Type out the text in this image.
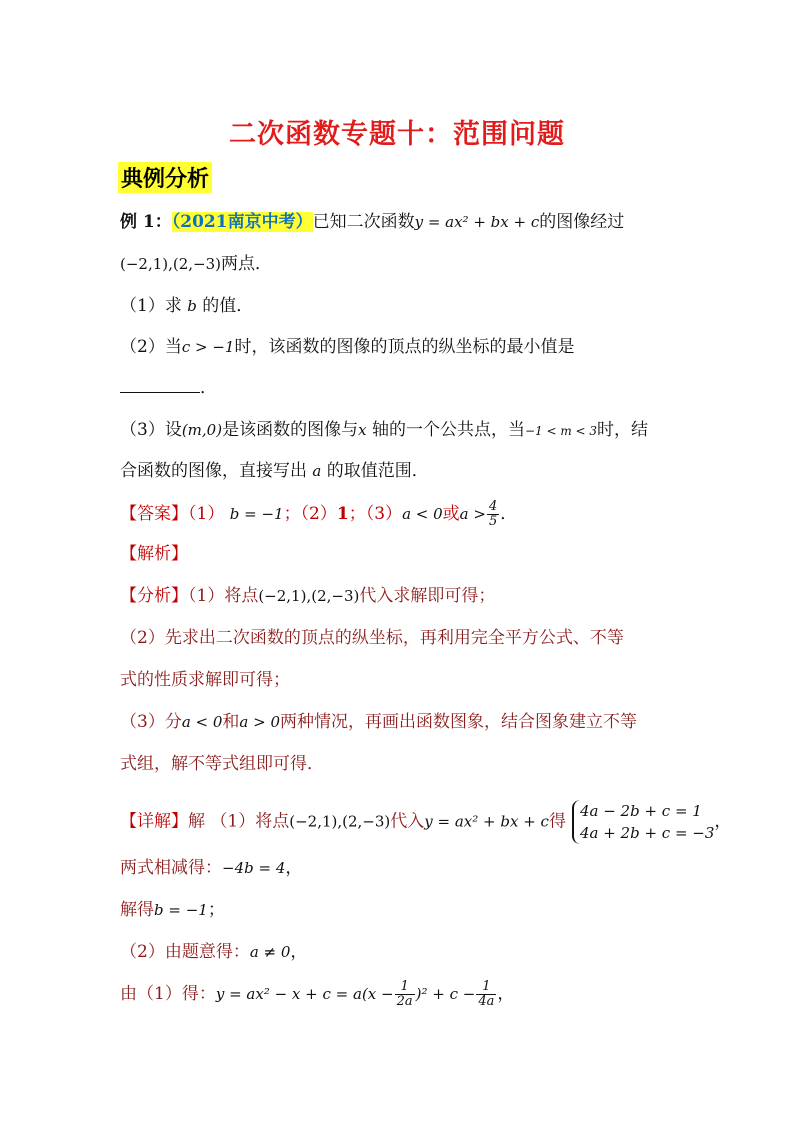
二次函数专题十：范围问题
典例分析
例 1：（2021南京中考）已知二次函数y = ax² + bx + c的图像经过
(−2,1),(2,−3)两点．
（1）求 b 的值．
（2）当c > −1时，该函数的图像的顶点的纵坐标的最小值是
．
（3）设(m,0)是该函数的图像与x 轴的一个公共点，当−1 < m < 3时，结
合函数的图像，直接写出 a 的取值范围．
【答案】（1） b = −1；（2）1；（3）a < 0或$a > \frac{4}{5}$ ．
【解析】
【分析】（1）将点(−2,1),(2,−3)代入求解即可得；
（2）先求出二次函数的顶点的纵坐标，再利用完全平方公式、不等
式的性质求解即可得；
（3）分a < 0和a > 0两种情况，再画出函数图象，结合图象建立不等
式组，解不等式组即可得．
【详解】解 （1）将点(−2,1),(2,−3)代入y = ax² + bx + c得
4a − 2b + c = 1
4a + 2b + c = −3
，
两式相减得：−4b = 4，
解得b = −1；
（2）由题意得：a ≠ 0，
由（1）得：$y = ax^2 - x + c = a(x - \frac{1}{2a} )^2 + c - \frac{1}{4a}$ ，
